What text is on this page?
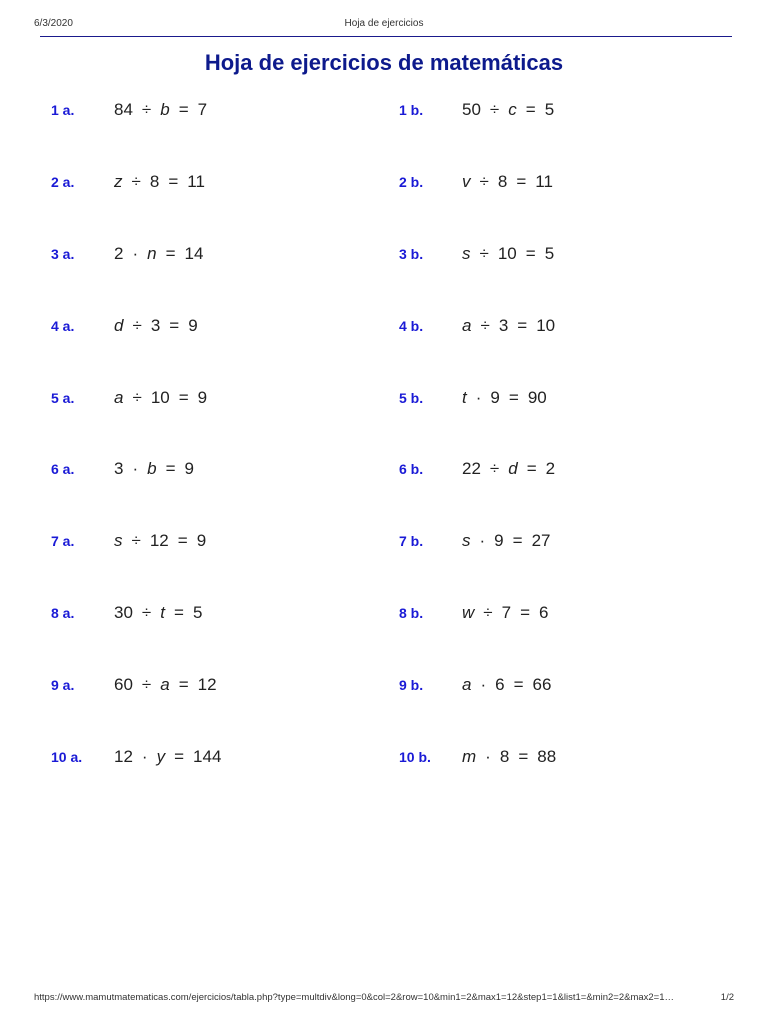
6/3/2020	Hoja de ejercicios
Hoja de ejercicios de matemáticas
1 a. 84 ÷ b = 7	1 b. 50 ÷ c = 5
2 a. z ÷ 8 = 11	2 b. v ÷ 8 = 11
3 a. 2 · n = 14	3 b. s ÷ 10 = 5
4 a. d ÷ 3 = 9	4 b. a ÷ 3 = 10
5 a. a ÷ 10 = 9	5 b. t · 9 = 90
6 a. 3 · b = 9	6 b. 22 ÷ d = 2
7 a. s ÷ 12 = 9	7 b. s · 9 = 27
8 a. 30 ÷ t = 5	8 b. w ÷ 7 = 6
9 a. 60 ÷ a = 12	9 b. a · 6 = 66
10 a. 12 · y = 144	10 b. m · 8 = 88
https://www.mamutmatematicas.com/ejercicios/tabla.php?type=multdiv&long=0&col=2&row=10&min1=2&max1=12&step1=1&list1=&min2=2&max2=1…	1/2
